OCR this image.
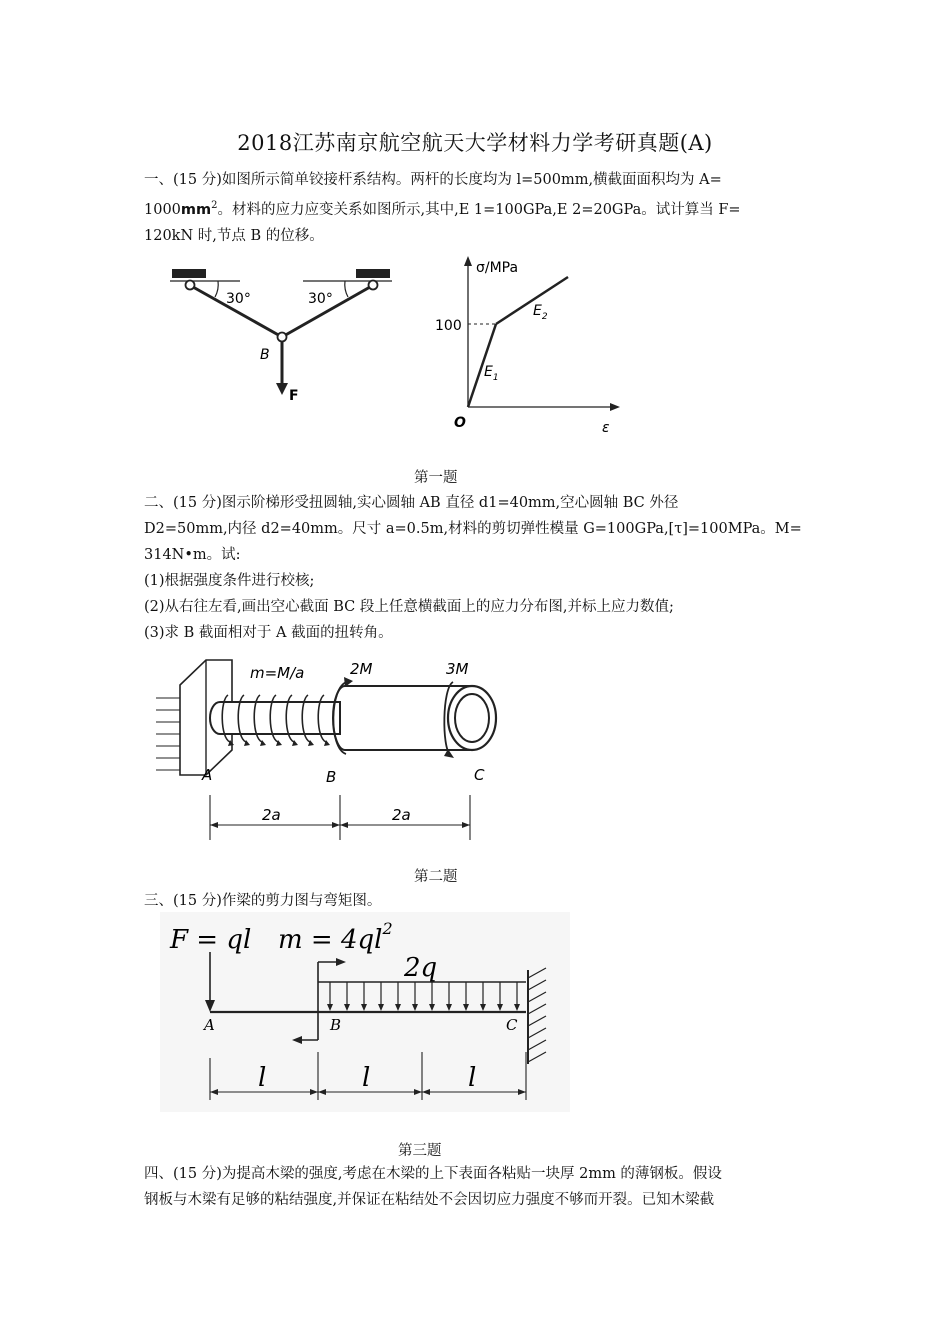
2018江苏南京航空航天大学材料力学考研真题(A)
一、(15 分)如图所示简单铰接杆系结构。两杆的长度均为 l=500mm,横截面面积均为 A=
$1000mm^2$。材料的应力应变关系如图所示,其中,E 1=100GPa,E 2=20GPa。试计算当 F=
120kN 时,节点 B 的位移。
30°	30°
B
F
σ/MPa
100
$E_2$
$E_1$
O	ε
第一题
二、(15 分)图示阶梯形受扭圆轴,实心圆轴 AB 直径 d1=40mm,空心圆轴 BC 外径
D2=50mm,内径 d2=40mm。尺寸 a=0.5m,材料的剪切弹性模量 G=100GPa,[τ]=100MPa。M=
314N•m。试:
(1)根据强度条件进行校核;
(2)从右往左看,画出空心截面 BC 段上任意横截面上的应力分布图,并标上应力数值;
(3)求 B 截面相对于 A 截面的扭转角。
m=M/a	2M	3M
A	B	C
2a	2a
第二题
三、(15 分)作梁的剪力图与弯矩图。
F = ql $m = 4ql^2$
2q
A	B	C
l	l	l
第三题
四、(15 分)为提高木梁的强度,考虑在木梁的上下表面各粘贴一块厚 2mm 的薄钢板。假设
钢板与木梁有足够的粘结强度,并保证在粘结处不会因切应力强度不够而开裂。已知木梁截
